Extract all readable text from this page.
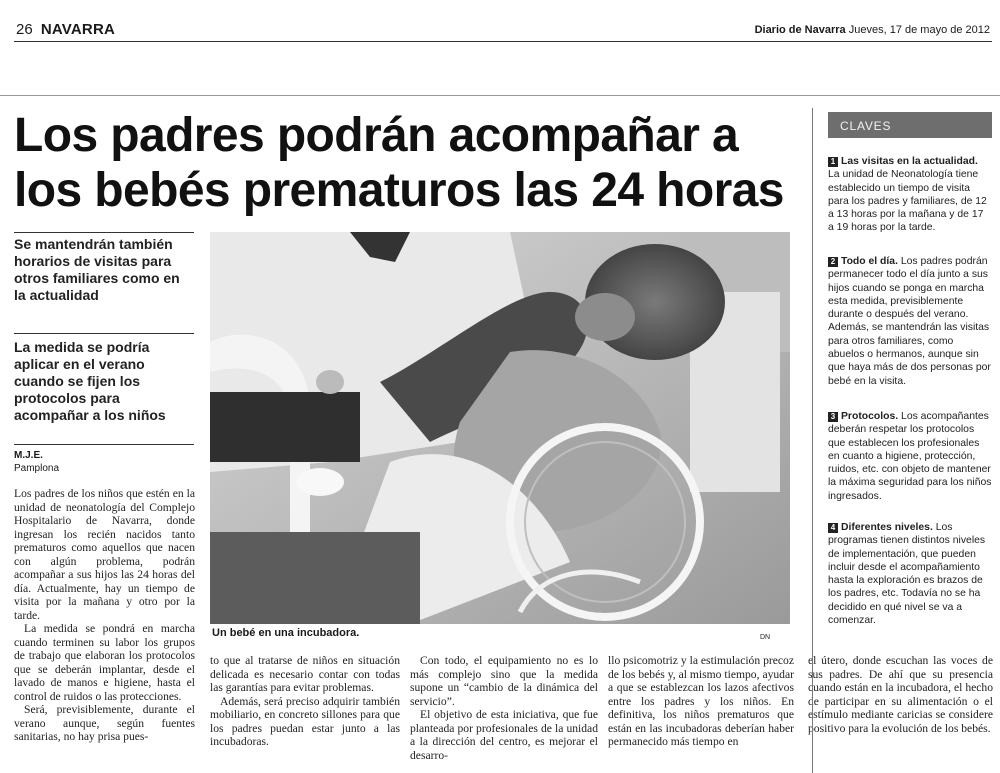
26 NAVARRA	Diario de Navarra Jueves, 17 de mayo de 2012
Los padres podrán acompañar a
los bebés prematuros las 24 horas
Se mantendrán también horarios de visitas para otros familiares como en la actualidad
La medida se podría aplicar en el verano cuando se fijen los protocolos para acompañar a los niños
M.J.E.
Pamplona
Un bebé en una incubadora.	DN

Los padres de los niños que estén en la unidad de neonatología del Complejo Hospitalario de Navarra, donde ingresan los recién nacidos tanto prematuros como aquellos que nacen con algún problema, podrán acompañar a sus hijos las 24 horas del día. Actualmente, hay un tiempo de visita por la mañana y otro por la tarde.

La medida se pondrá en marcha cuando terminen su labor los grupos de trabajo que elaboran los protocolos que se deberán implantar, desde el lavado de manos e higiene, hasta el control de ruidos o las protecciones.

Será, previsiblemente, durante el verano aunque, según fuentes sanitarias, no hay prisa pues-

to que al tratarse de niños en situación delicada es necesario contar con todas las garantías para evitar problemas.

Además, será preciso adquirir también mobiliario, en concreto sillones para que los padres puedan estar junto a las incubadoras.

Con todo, el equipamiento no es lo más complejo sino que la medida supone un “cambio de la dinámica del servicio”.

El objetivo de esta iniciativa, que fue planteada por profesionales de la unidad a la dirección del centro, es mejorar el desarro-

llo psicomotriz y la estimulación precoz de los bebés y, al mismo tiempo, ayudar a que se establezcan los lazos afectivos entre los padres y los niños. En definitiva, los niños prematuros que están en las incubadoras deberían haber permanecido más tiempo en

el útero, donde escuchan las voces de sus padres. De ahí que su presencia cuando están en la incubadora, el hecho de participar en su alimentación o el estímulo mediante caricias se considere positivo para la evolución de los bebés.

CLAVES
1 Las visitas en la actualidad. La unidad de Neonatología tiene establecido un tiempo de visita para los padres y familiares, de 12 a 13 horas por la mañana y de 17 a 19 horas por la tarde.
2 Todo el día. Los padres podrán permanecer todo el día junto a sus hijos cuando se ponga en marcha esta medida, previsiblemente durante o después del verano. Además, se mantendrán las visitas para otros familiares, como abuelos o hermanos, aunque sin que haya más de dos personas por bebé en la visita.
3 Protocolos. Los acompañantes deberán respetar los protocolos que establecen los profesionales en cuanto a higiene, protección, ruidos, etc. con objeto de mantener la máxima seguridad para los niños ingresados.
4 Diferentes niveles. Los programas tienen distintos niveles de implementación, que pueden incluir desde el acompañamiento hasta la exploración es brazos de los padres, etc. Todavía no se ha decidido en qué nivel se va a comenzar.
